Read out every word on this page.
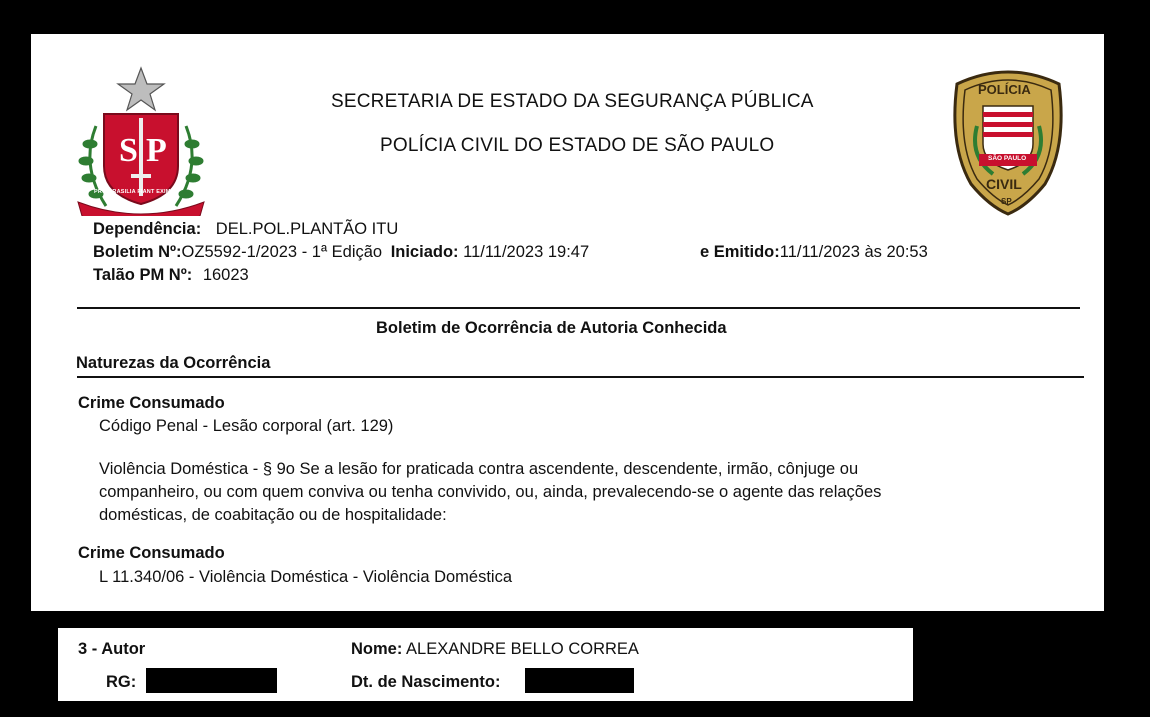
S P
POLÍCIA
SÃO PAULO
CIVIL
SP
PRO BRASILIA FIANT EXIMIA
SECRETARIA DE ESTADO DA SEGURANÇA PÚBLICA
POLÍCIA CIVIL DO ESTADO DE SÃO PAULO
Dependência: DEL.POL.PLANTÃO ITU
Boletim Nº:OZ5592-1/2023 - 1ª Edição Iniciado: 11/11/2023 19:47	e Emitido:11/11/2023 às 20:53
Talão PM Nº: 16023
Boletim de Ocorrência de Autoria Conhecida
Naturezas da Ocorrência
Crime Consumado
Código Penal - Lesão corporal (art. 129)
Violência Doméstica - § 9o Se a lesão for praticada contra ascendente, descendente, irmão, cônjuge ou
companheiro, ou com quem conviva ou tenha convivido, ou, ainda, prevalecendo-se o agente das relações
domésticas, de coabitação ou de hospitalidade:
Crime Consumado
L 11.340/06 - Violência Doméstica - Violência Doméstica
3 - Autor	Nome: ALEXANDRE BELLO CORREA
RG:	Dt. de Nascimento:
